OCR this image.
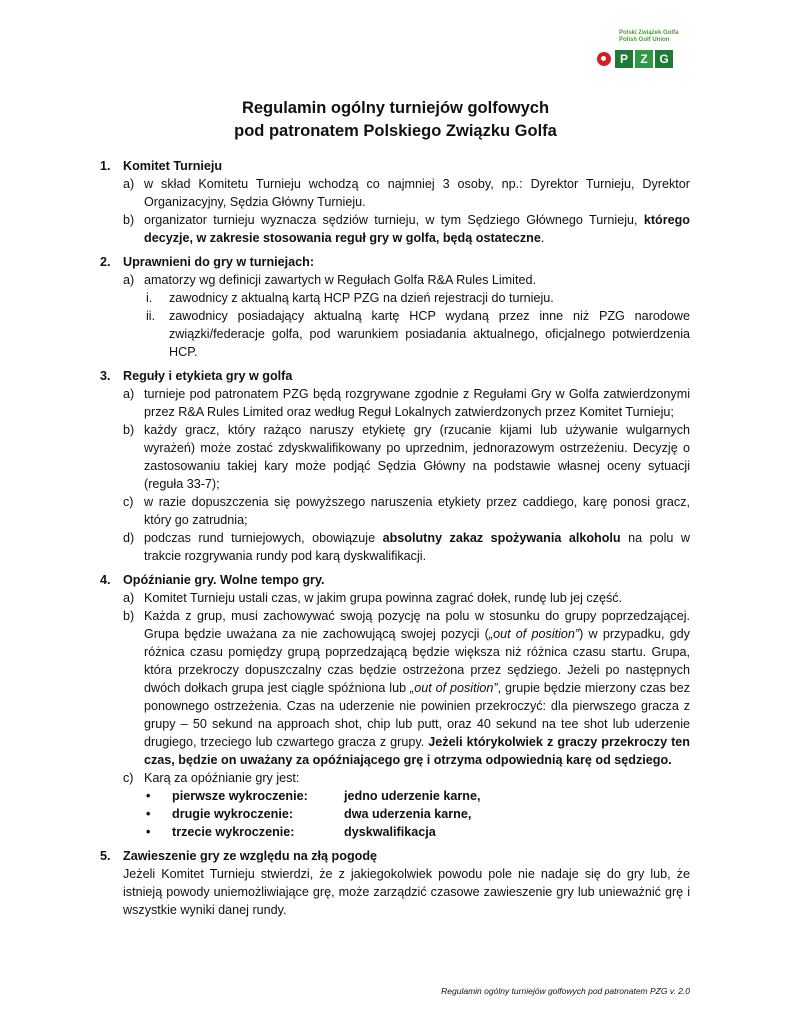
Polski Związek Golfa
Polish Golf Union
P	Z G
Regulamin ogólny turniejów golfowych
pod patronatem Polskiego Związku Golfa
1. Komitet Turnieju
a) w skład Komitetu Turnieju wchodzą co najmniej 3 osoby, np.: Dyrektor Turnieju, Dyrektor Organizacyjny, Sędzia Główny Turnieju.
b) organizator turnieju wyznacza sędziów turnieju, w tym Sędziego Głównego Turnieju, którego decyzje, w zakresie stosowania reguł gry w golfa, będą ostateczne.
2. Uprawnieni do gry w turniejach:
a) amatorzy wg definicji zawartych w Regułach Golfa R&A Rules Limited.
i.	zawodnicy z aktualną kartą HCP PZG na dzień rejestracji do turnieju.
ii.	zawodnicy posiadający aktualną kartę HCP wydaną przez inne niż PZG narodowe związki/federacje golfa, pod warunkiem posiadania aktualnego, oficjalnego potwierdzenia HCP.
3. Reguły i etykieta gry w golfa
a) turnieje pod patronatem PZG będą rozgrywane zgodnie z Regułami Gry w Golfa zatwierdzonymi przez R&A Rules Limited oraz według Reguł Lokalnych zatwierdzonych przez Komitet Turnieju;
b) każdy gracz, który rażąco naruszy etykietę gry (rzucanie kijami lub używanie wulgarnych wyrażeń) może zostać zdyskwalifikowany po uprzednim, jednorazowym ostrzeżeniu. Decyzję o zastosowaniu takiej kary może podjąć Sędzia Główny na podstawie własnej oceny sytuacji (reguła 33-7);
c) w razie dopuszczenia się powyższego naruszenia etykiety przez caddiego, karę ponosi gracz, który go zatrudnia;
d) podczas rund turniejowych, obowiązuje absolutny zakaz spożywania alkoholu na polu w trakcie rozgrywania rundy pod karą dyskwalifikacji.
4. Opóźnianie gry. Wolne tempo gry.
a) Komitet Turnieju ustali czas, w jakim grupa powinna zagrać dołek, rundę lub jej część.
b) Każda z grup, musi zachowywać swoją pozycję na polu w stosunku do grupy poprzedzającej. Grupa będzie uważana za nie zachowującą swojej pozycji („out of position”) w przypadku, gdy różnica czasu pomiędzy grupą poprzedzającą będzie większa niż różnica czasu startu. Grupa, która przekroczy dopuszczalny czas będzie ostrzeżona przez sędziego. Jeżeli po następnych dwóch dołkach grupa jest ciągle spóźniona lub „out of position”, grupie będzie mierzony czas bez ponownego ostrzeżenia. Czas na uderzenie nie powinien przekroczyć: dla pierwszego gracza z grupy – 50 sekund na approach shot, chip lub putt, oraz 40 sekund na tee shot lub uderzenie drugiego, trzeciego lub czwartego gracza z grupy. Jeżeli którykolwiek z graczy przekroczy ten czas, będzie on uważany za opóźniającego grę i otrzyma odpowiednią karę od sędziego.
c) Karą za opóźnianie gry jest:
•	pierwsze wykroczenie:	jedno uderzenie karne,
•	drugie wykroczenie:	dwa uderzenia karne,
•	trzecie wykroczenie:	dyskwalifikacja
5. Zawieszenie gry ze względu na złą pogodę
Jeżeli Komitet Turnieju stwierdzi, że z jakiegokolwiek powodu pole nie nadaje się do gry lub, że istnieją powody uniemożliwiające grę, może zarządzić czasowe zawieszenie gry lub unieważnić grę i wszystkie wyniki danej rundy.
Regulamin ogólny turniejów golfowych pod patronatem PZG v. 2.0
